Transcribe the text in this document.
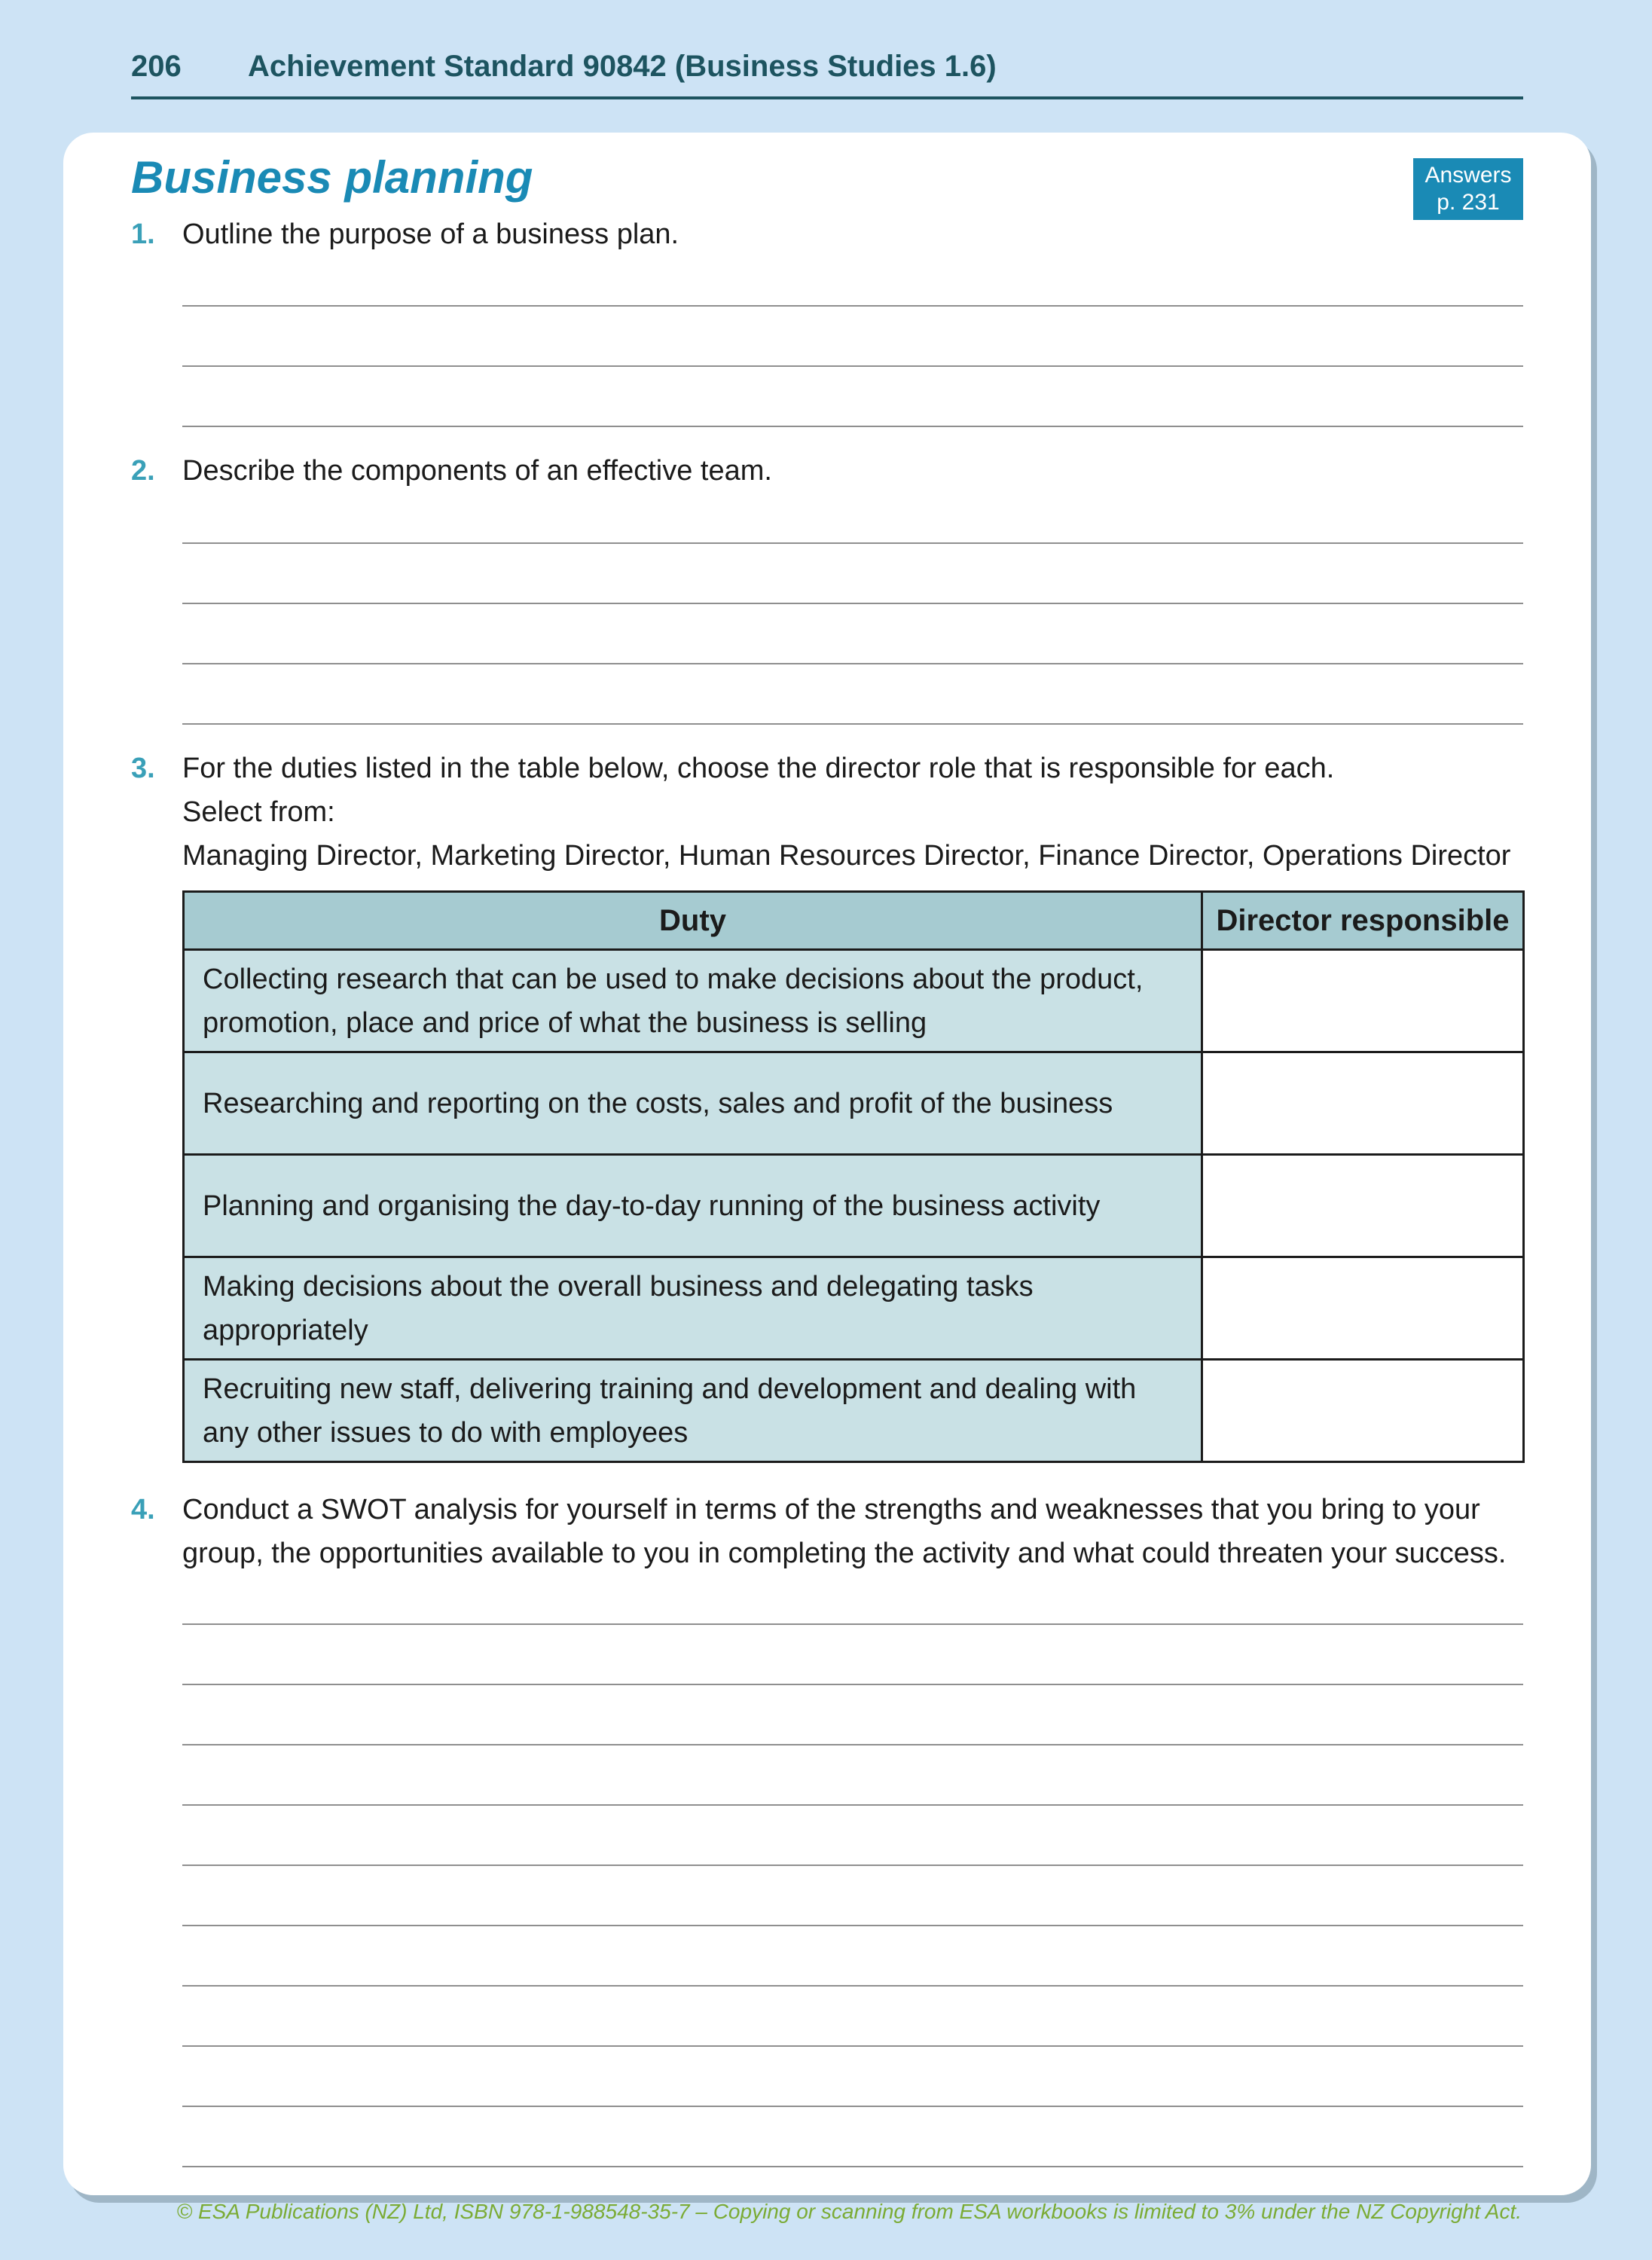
206	Achievement Standard 90842 (Business Studies 1.6)
Business planning	Answers
p. 231
1. Outline the purpose of a business plan.
2. Describe the components of an effective team.
3. For the duties listed in the table below, choose the director role that is responsible for each.
Select from:
Managing Director, Marketing Director, Human Resources Director, Finance Director, Operations Director
Duty	Director responsible
Collecting research that can be used to make decisions about the product, promotion, place and price of what the business is selling	
Researching and reporting on the costs, sales and profit of the business	
Planning and organising the day-to-day running of the business activity	
Making decisions about the overall business and delegating tasks appropriately	
Recruiting new staff, delivering training and development and dealing with any other issues to do with employees	
4. Conduct a SWOT analysis for yourself in terms of the strengths and weaknesses that you bring to your group, the opportunities available to you in completing the activity and what could threaten your success.
© ESA Publications (NZ) Ltd, ISBN 978-1-988548-35-7 – Copying or scanning from ESA workbooks is limited to 3% under the NZ Copyright Act.
